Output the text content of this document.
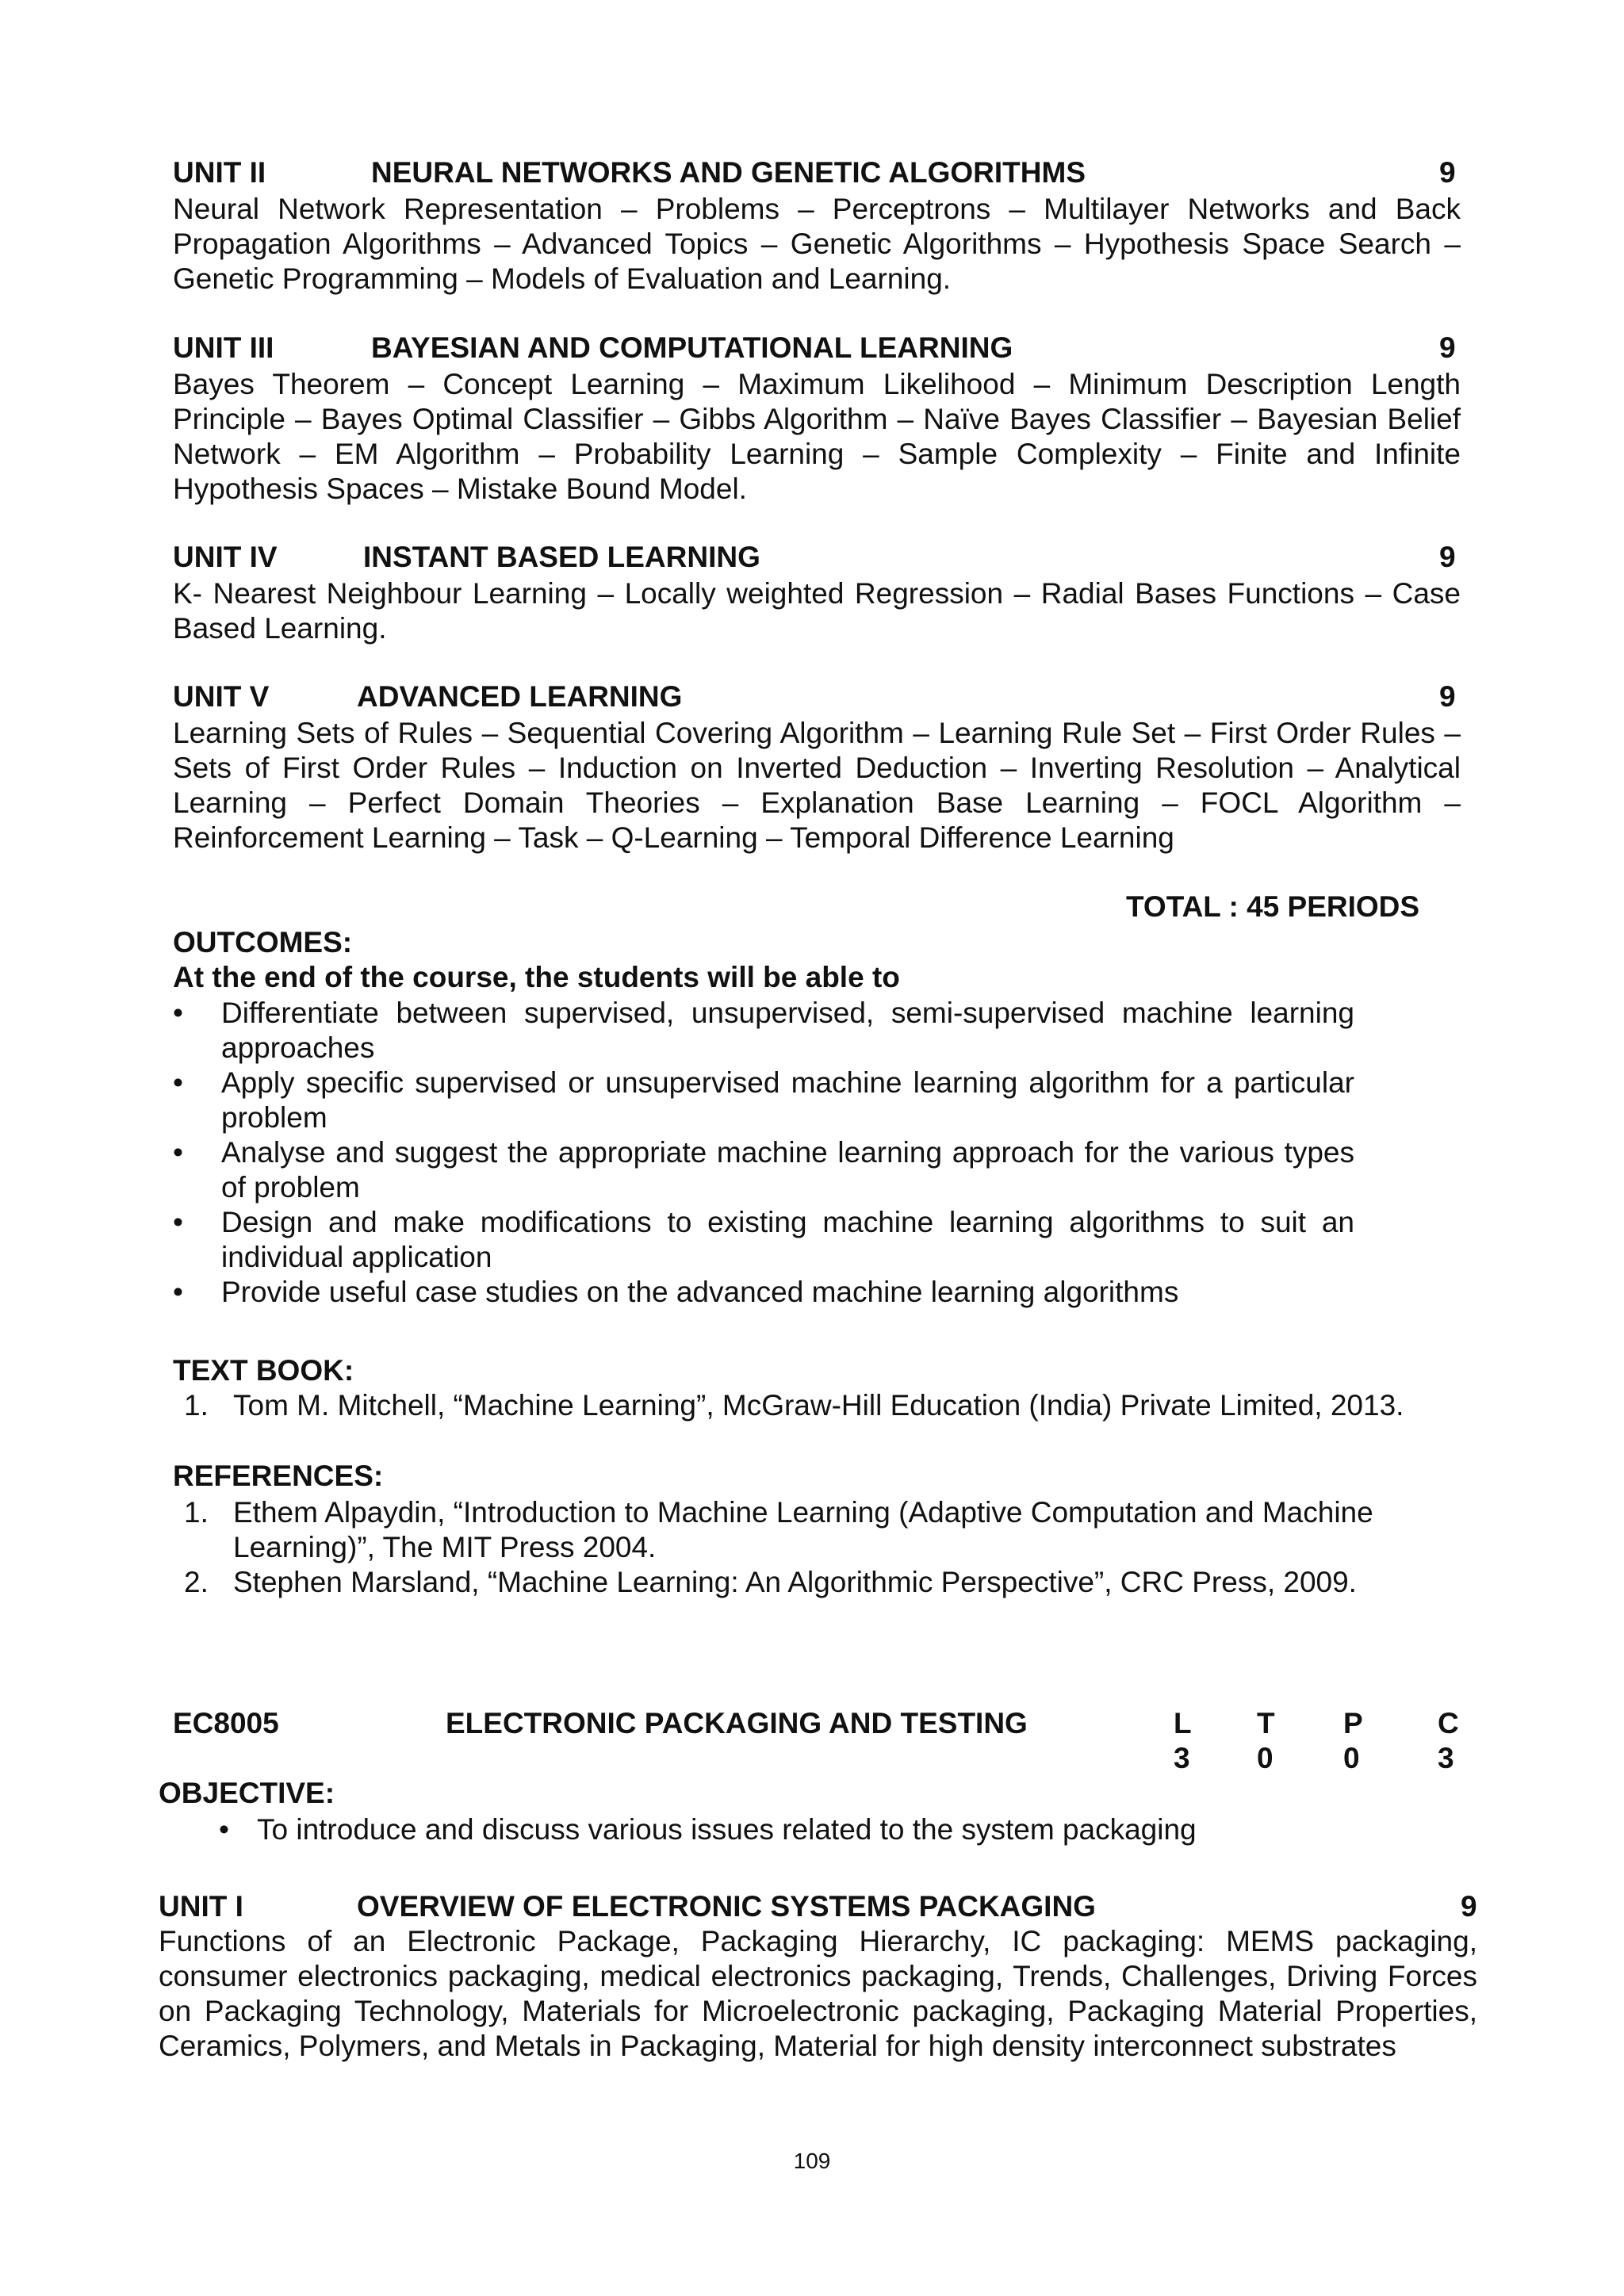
UNIT II	NEURAL NETWORKS AND GENETIC ALGORITHMS	9

Neural Network Representation – Problems – Perceptrons – Multilayer Networks and Back Propagation Algorithms – Advanced Topics – Genetic Algorithms – Hypothesis Space Search – Genetic Programming – Models of Evaluation and Learning.

UNIT III	BAYESIAN AND COMPUTATIONAL LEARNING	9

Bayes Theorem – Concept Learning – Maximum Likelihood – Minimum Description Length Principle – Bayes Optimal Classifier – Gibbs Algorithm – Naïve Bayes Classifier – Bayesian Belief Network – EM Algorithm – Probability Learning – Sample Complexity – Finite and Infinite Hypothesis Spaces – Mistake Bound Model.

UNIT IV	INSTANT BASED LEARNING	9

K- Nearest Neighbour Learning – Locally weighted Regression – Radial Bases Functions – Case Based Learning.

UNIT V	ADVANCED LEARNING	9

Learning Sets of Rules – Sequential Covering Algorithm – Learning Rule Set – First Order Rules – Sets of First Order Rules – Induction on Inverted Deduction – Inverting Resolution – Analytical Learning – Perfect Domain Theories – Explanation Base Learning – FOCL Algorithm – Reinforcement Learning – Task – Q-Learning – Temporal Difference Learning

TOTAL : 45 PERIODS
OUTCOMES:
At the end of the course, the students will be able to
• Differentiate between supervised, unsupervised, semi-supervised machine learning approaches
• Apply specific supervised or unsupervised machine learning algorithm for a particular problem
• Analyse and suggest the appropriate machine learning approach for the various types of problem
• Design and make modifications to existing machine learning algorithms to suit an individual application
• Provide useful case studies on the advanced machine learning algorithms
TEXT BOOK:
1. Tom M. Mitchell, “Machine Learning”, McGraw-Hill Education (India) Private Limited, 2013.
REFERENCES:
1. Ethem Alpaydin, “Introduction to Machine Learning (Adaptive Computation and Machine Learning)”, The MIT Press 2004.
2. Stephen Marsland, “Machine Learning: An Algorithmic Perspective”, CRC Press, 2009.
EC8005	ELECTRONIC PACKAGING AND TESTING	L T P	C
3 0 0	3
OBJECTIVE:
• To introduce and discuss various issues related to the system packaging
UNIT I	OVERVIEW OF ELECTRONIC SYSTEMS PACKAGING	9

Functions of an Electronic Package, Packaging Hierarchy, IC packaging: MEMS packaging, consumer electronics packaging, medical electronics packaging, Trends, Challenges, Driving Forces on Packaging Technology, Materials for Microelectronic packaging, Packaging Material Properties, Ceramics, Polymers, and Metals in Packaging, Material for high density interconnect substrates

109
